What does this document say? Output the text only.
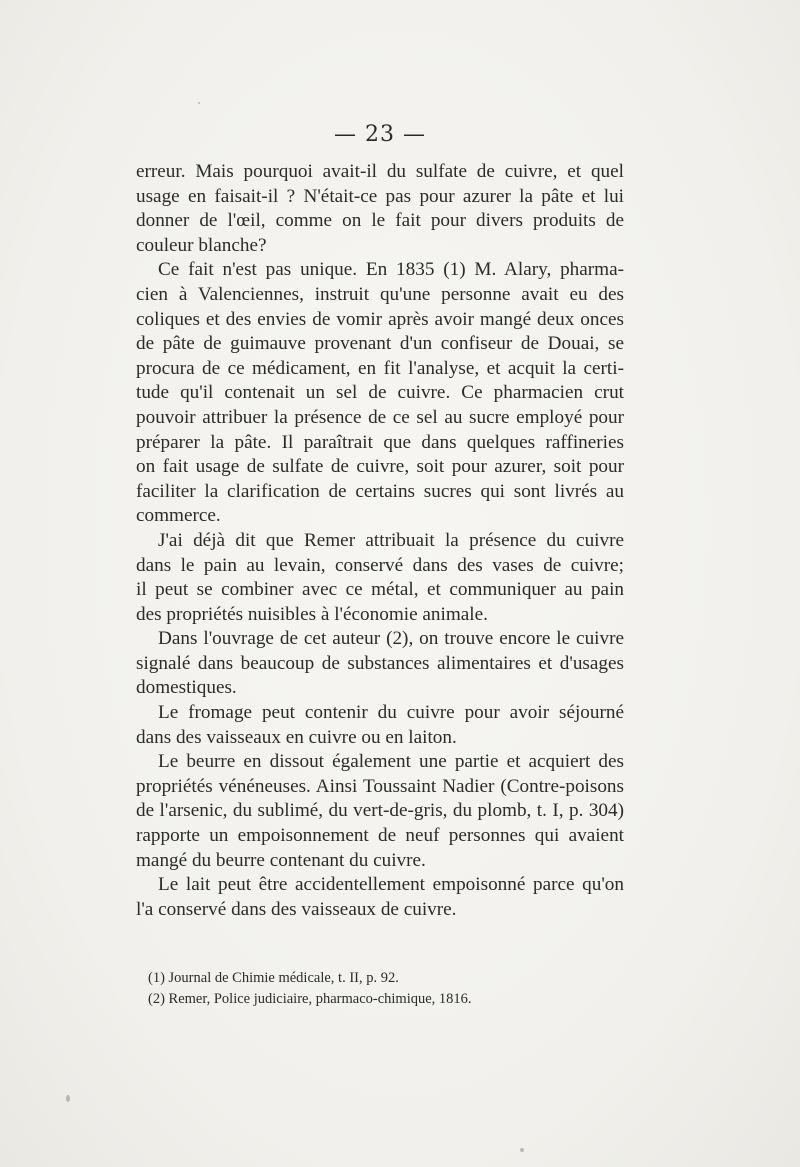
— 23 —

erreur. Mais pourquoi avait-il du sulfate de cuivre, et quel
usage en faisait-il ? N'était-ce pas pour azurer la pâte et lui
donner de l'œil, comme on le fait pour divers produits de
couleur blanche?

Ce fait n'est pas unique. En 1835 (1) M. Alary, pharma-
cien à Valenciennes, instruit qu'une personne avait eu des
coliques et des envies de vomir après avoir mangé deux onces
de pâte de guimauve provenant d'un confiseur de Douai, se
procura de ce médicament, en fit l'analyse, et acquit la certi-
tude qu'il contenait un sel de cuivre. Ce pharmacien crut
pouvoir attribuer la présence de ce sel au sucre employé pour
préparer la pâte. Il paraîtrait que dans quelques raffineries
on fait usage de sulfate de cuivre, soit pour azurer, soit pour
faciliter la clarification de certains sucres qui sont livrés au
commerce.

J'ai déjà dit que Remer attribuait la présence du cuivre
dans le pain au levain, conservé dans des vases de cuivre;
il peut se combiner avec ce métal, et communiquer au pain
des propriétés nuisibles à l'économie animale.

Dans l'ouvrage de cet auteur (2), on trouve encore le cuivre
signalé dans beaucoup de substances alimentaires et d'usages
domestiques.

Le fromage peut contenir du cuivre pour avoir séjourné
dans des vaisseaux en cuivre ou en laiton.

Le beurre en dissout également une partie et acquiert des
propriétés vénéneuses. Ainsi Toussaint Nadier (Contre-poisons
de l'arsenic, du sublimé, du vert-de-gris, du plomb, t. I, p. 304)
rapporte un empoisonnement de neuf personnes qui avaient
mangé du beurre contenant du cuivre.

Le lait peut être accidentellement empoisonné parce qu'on
l'a conservé dans des vaisseaux de cuivre.

(1) Journal de Chimie médicale, t. II, p. 92.
(2) Remer, Police judiciaire, pharmaco-chimique, 1816.
